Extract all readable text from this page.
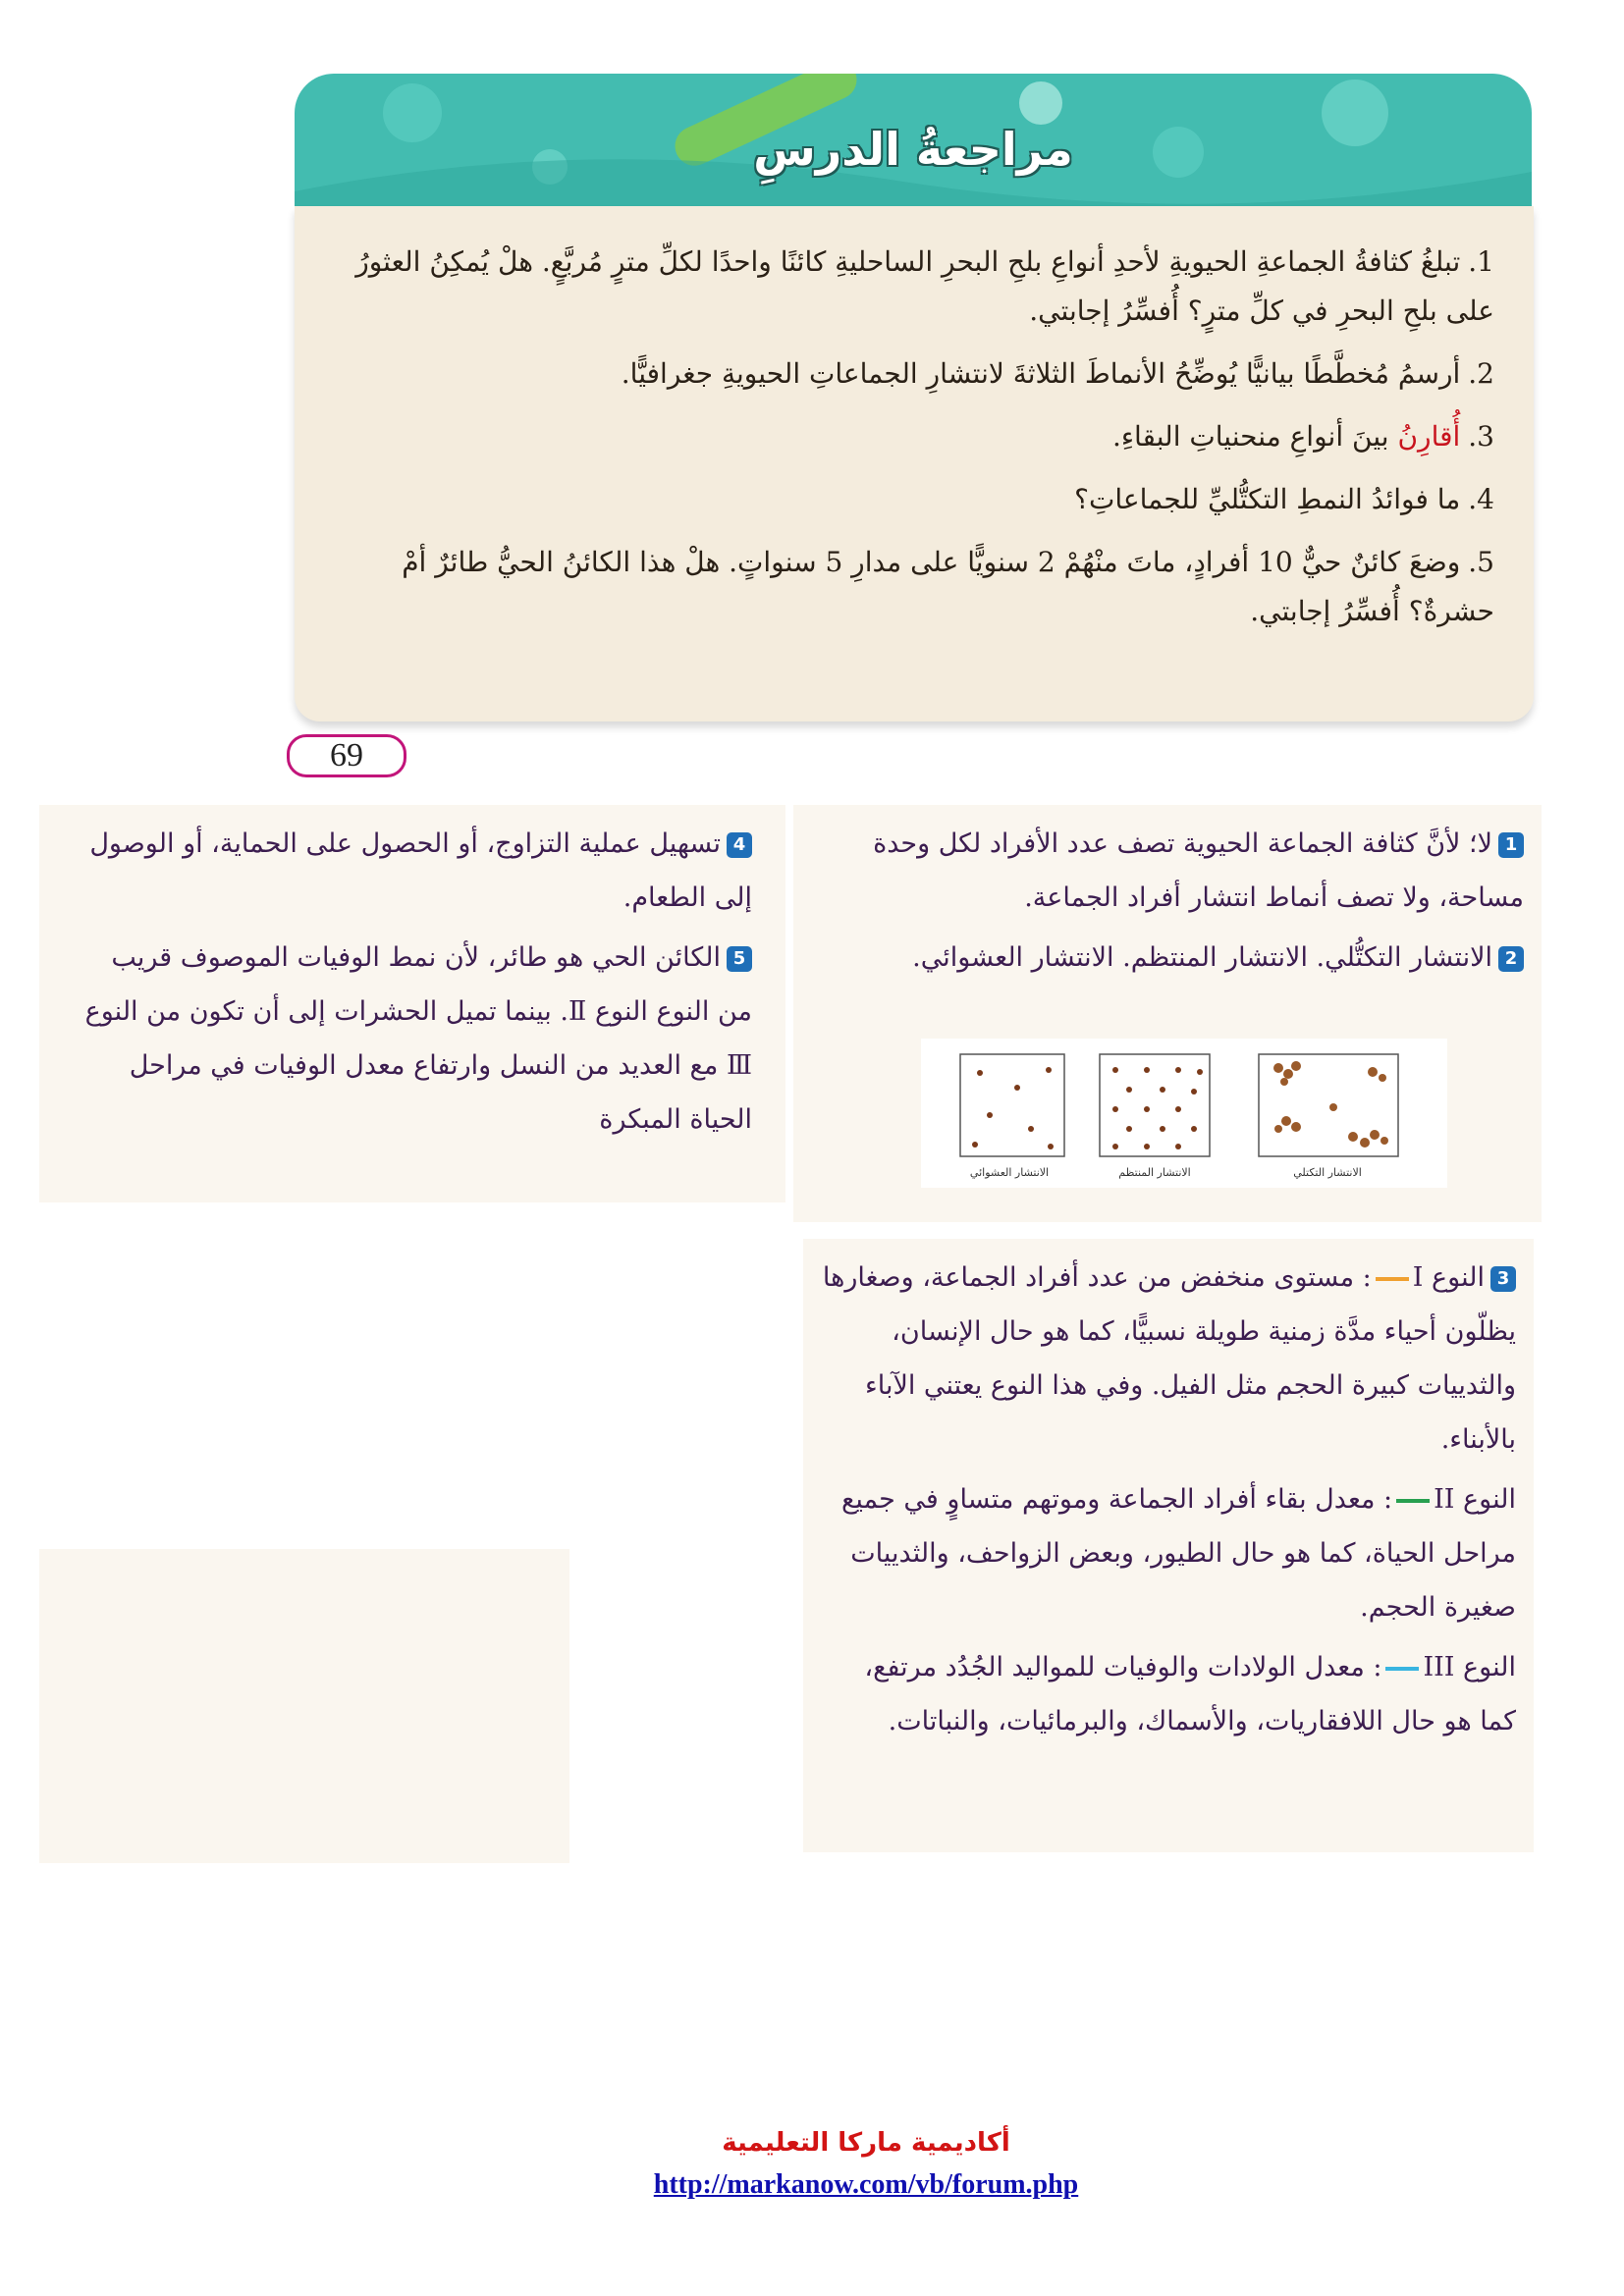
مراجعةُ الدرسِ
1.تبلغُ كثافةُ الجماعةِ الحيويةِ لأحدِ أنواعِ بلحِ البحرِ الساحليةِ كائنًا واحدًا لكلِّ مترٍ مُربَّعٍ. هلْ يُمكِنُ العثورُ على بلحِ البحرِ في كلِّ مترٍ؟ أُفسِّرُ إجابتي.
2.أرسمُ مُخطَّطًا بيانيًّا يُوضِّحُ الأنماطَ الثلاثةَ لانتشارِ الجماعاتِ الحيويةِ جغرافيًّا.
3.أُقارِنُ بينَ أنواعِ منحنياتِ البقاءِ.
4.ما فوائدُ النمطِ التكتُّليِّ للجماعاتِ؟
5.وضعَ كائنٌ حيٌّ 10 أفرادٍ، ماتَ منْهُمْ 2 سنويًّا على مدارِ 5 سنواتٍ. هلْ هذا الكائنُ الحيُّ طائرٌ أمْ حشرةٌ؟ أُفسِّرُ إجابتي.
69
1لا؛ لأنَّ كثافة الجماعة الحيوية تصف عدد الأفراد لكل وحدة مساحة، ولا تصف أنماط انتشار أفراد الجماعة.
2الانتشار التكتُّلي. الانتشار المنتظم. الانتشار العشوائي.
الانتشار العشوائي	الانتشار المنتظم	الانتشار التكتلي
4تسهيل عملية التزاوج، أو الحصول على الحماية، أو الوصول إلى الطعام.
5الكائن الحي هو طائر، لأن نمط الوفيات الموصوف قريب من النوع النوع Ⅱ. بينما تميل الحشرات إلى أن تكون من النوع Ⅲ مع العديد من النسل وارتفاع معدل الوفيات في مراحل الحياة المبكرة
3النوع I: مستوى منخفض من عدد أفراد الجماعة، وصغارها يظلّون أحياء مدَّة زمنية طويلة نسبيًّا، كما هو حال الإنسان، والثدييات كبيرة الحجم مثل الفيل. وفي هذا النوع يعتني الآباء بالأبناء.
النوع II: معدل بقاء أفراد الجماعة وموتهم متساوٍ في جميع مراحل الحياة، كما هو حال الطيور، وبعض الزواحف، والثدييات صغيرة الحجم.
النوع III: معدل الولادات والوفيات للمواليد الجُدُد مرتفع، كما هو حال اللافقاريات، والأسماك، والبرمائيات، والنباتات.
أكاديمية ماركا التعليمية
http://markanow.com/vb/forum.php
